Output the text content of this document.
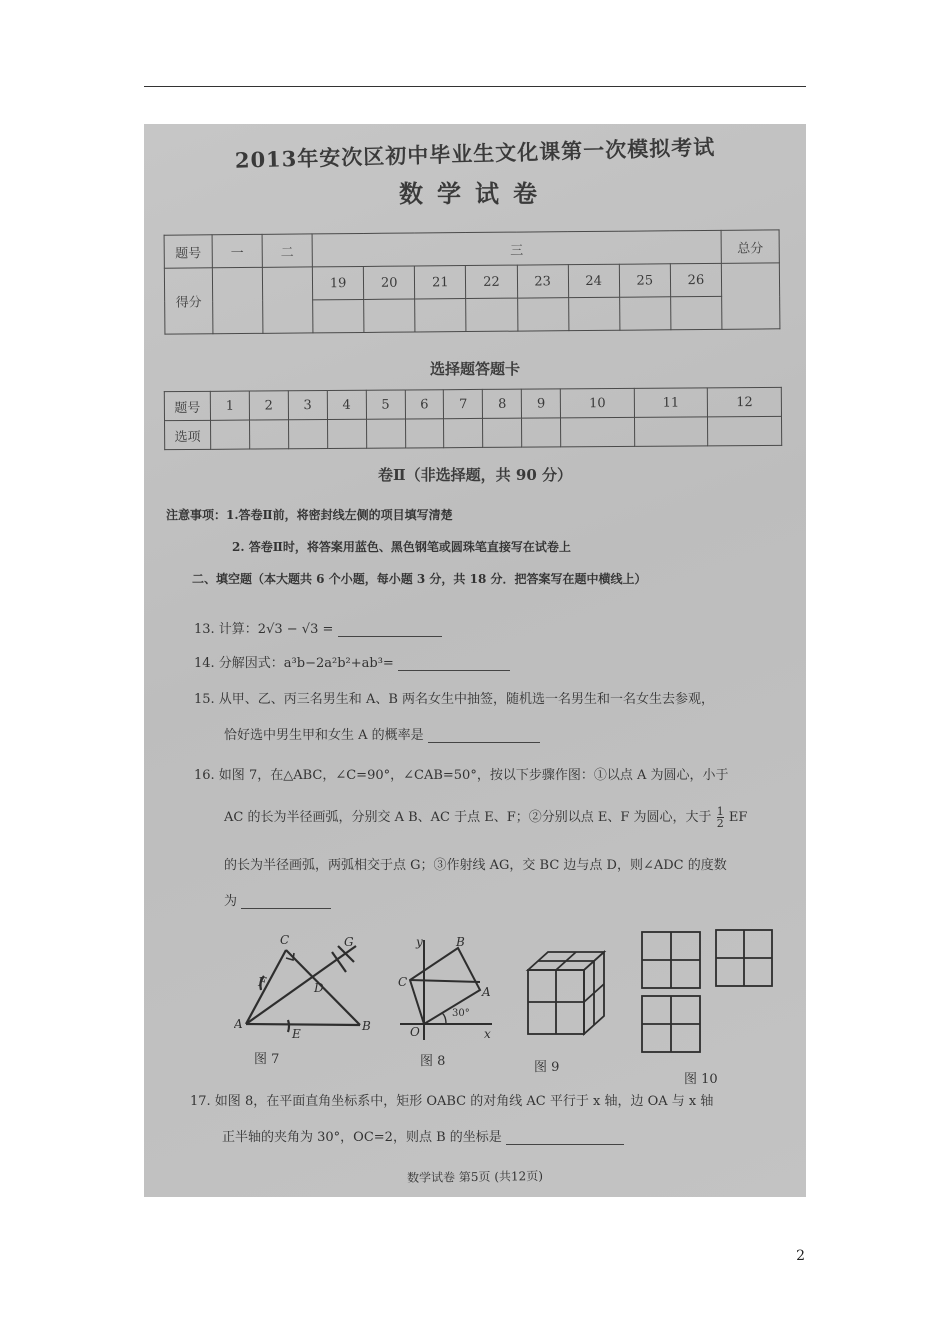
2013年安次区初中毕业生文化课第一次模拟考试
数学试卷
题号	一	二	三								总分
得分			19	20	21	22	23	24	25	26	

选择题答题卡
题号	1	2	3	4	5	6	7	8	9	10	11	12
选项												
卷Ⅱ（非选择题，共 90 分）
注意事项：1.答卷Ⅱ前，将密封线左侧的项目填写清楚
2. 答卷Ⅱ时，将答案用蓝色、黑色钢笔或圆珠笔直接写在试卷上
二、填空题（本大题共 6 个小题，每小题 3 分，共 18 分．把答案写在题中横线上）
13. 计算：2√3 − √3 =
14. 分解因式：a³b−2a²b²+ab³=
15. 从甲、乙、丙三名男生和 A、B 两名女生中抽签，随机选一名男生和一名女生去参观，
恰好选中男生甲和女生 A 的概率是
16. 如图 7，在△ABC，∠C=90°，∠CAB=50°，按以下步骤作图：①以点 A 为圆心，小于
AC 的长为半径画弧，分别交 A B、AC 于点 E、F；②分别以点 E、F 为圆心，大于 $\frac{1}{2}$ EF
的长为半径画弧，两弧相交于点 G；③作射线 AG，交 BC 边与点 D，则∠ADC 的度数
为
C	G
F	D
A
E
B
图 7
y	B
C
A
30°
O	x
图 8	图 9
图 10
17. 如图 8，在平面直角坐标系中，矩形 OABC 的对角线 AC 平行于 x 轴，边 OA 与 x 轴
正半轴的夹角为 30°，OC=2，则点 B 的坐标是
数学试卷 第5页 (共12页)
2
